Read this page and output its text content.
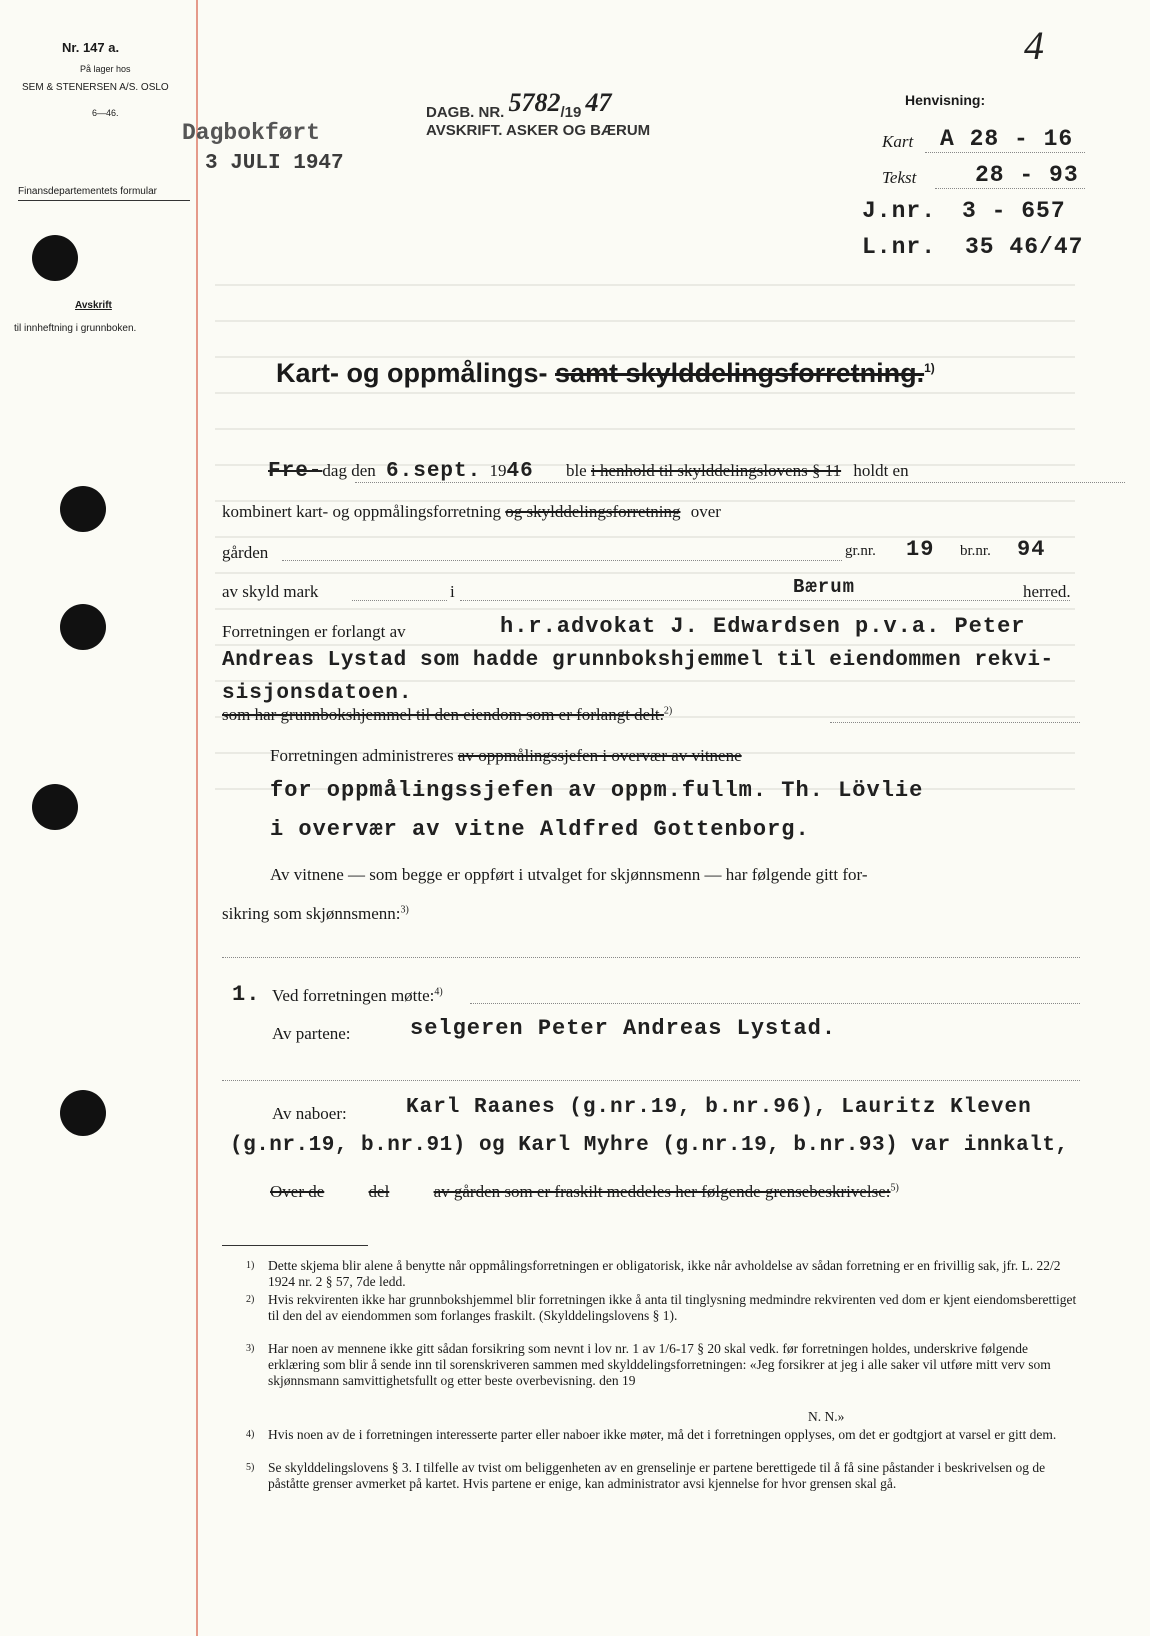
Nr. 147 a.
På lager hos
SEM & STENERSEN A/S. OSLO
6—46.
Finansdepartementets formular
Avskrift
til innheftning i grunnboken.
Dagbokført
3 JULI 1947
DAGB. NR. 5782/19 47
AVSKRIFT. ASKER OG BÆRUM
4
Henvisning:
Kart A 28 - 16
Tekst	28 - 93
J.nr. 3 - 657
L.nr. 35 46/47
Kart- og oppmålings- samt skylddelingsforretning.$^{1)}$
Fre-dag den 6.sept. 1946 ble i henhold til skylddelingslovens § 11 holdt en
kombinert kart- og oppmålingsforretning og skylddelingsforretning over
gården	gr.nr. 19 br.nr. 94
av skyld mark	i	Bærum	herred.
Forretningen er forlangt av	h.r.advokat J. Edwardsen p.v.a. Peter
Andreas Lystad som hadde grunnbokshjemmel til eiendommen rekvi-
sisjonsdatoen.
som har grunnbokshjemmel til den eiendom som er forlangt delt.$^{2)}$
Forretningen administreres av oppmålingssjefen i overvær av vitnene
for oppmålingssjefen av oppm.fullm. Th. Lövlie
i overvær av vitne Aldfred Gottenborg.
Av vitnene — som begge er oppført i utvalget for skjønnsmenn — har følgende gitt for-
sikring som skjønnsmenn:$^{3)}$
1. Ved forretningen møtte:$^{4)}$
Av partene:	selgeren Peter Andreas Lystad.
Av naboer:	Karl Raanes (g.nr.19, b.nr.96), Lauritz Kleven
(g.nr.19, b.nr.91) og Karl Myhre (g.nr.19, b.nr.93) var innkalt,
Over de	del	av gården som er fraskilt meddeles her følgende grensebeskrivelse:$^{5)}$
1) Dette skjema blir alene å benytte når oppmålingsforretningen er obligatorisk, ikke når avholdelse av sådan forretning er en frivillig sak, jfr. L. 22/2 1924 nr. 2 § 57, 7de ledd.
2) Hvis rekvirenten ikke har grunnbokshjemmel blir forretningen ikke å anta til tinglysning medmindre rekvirenten ved dom er kjent eiendomsberettiget til den del av eiendommen som forlanges fraskilt. (Skylddelingslovens § 1).
3) Har noen av mennene ikke gitt sådan forsikring som nevnt i lov nr. 1 av 1/6-17 § 20 skal vedk. før forretningen holdes, underskrive følgende erklæring som blir å sende inn til sorenskriveren sammen med skylddelingsforretningen: «Jeg forsikrer at jeg i alle saker vil utføre mitt verv som skjønnsmann samvittighetsfullt og etter beste overbevisning. den 19
N. N.»
4) Hvis noen av de i forretningen interesserte parter eller naboer ikke møter, må det i forretningen opplyses, om det er godtgjort at varsel er gitt dem.
5) Se skylddelingslovens § 3. I tilfelle av tvist om beliggenheten av en grenselinje er partene berettigede til å få sine påstander i beskrivelsen og de påståtte grenser avmerket på kartet. Hvis partene er enige, kan administrator avsi kjennelse for hvor grensen skal gå.
